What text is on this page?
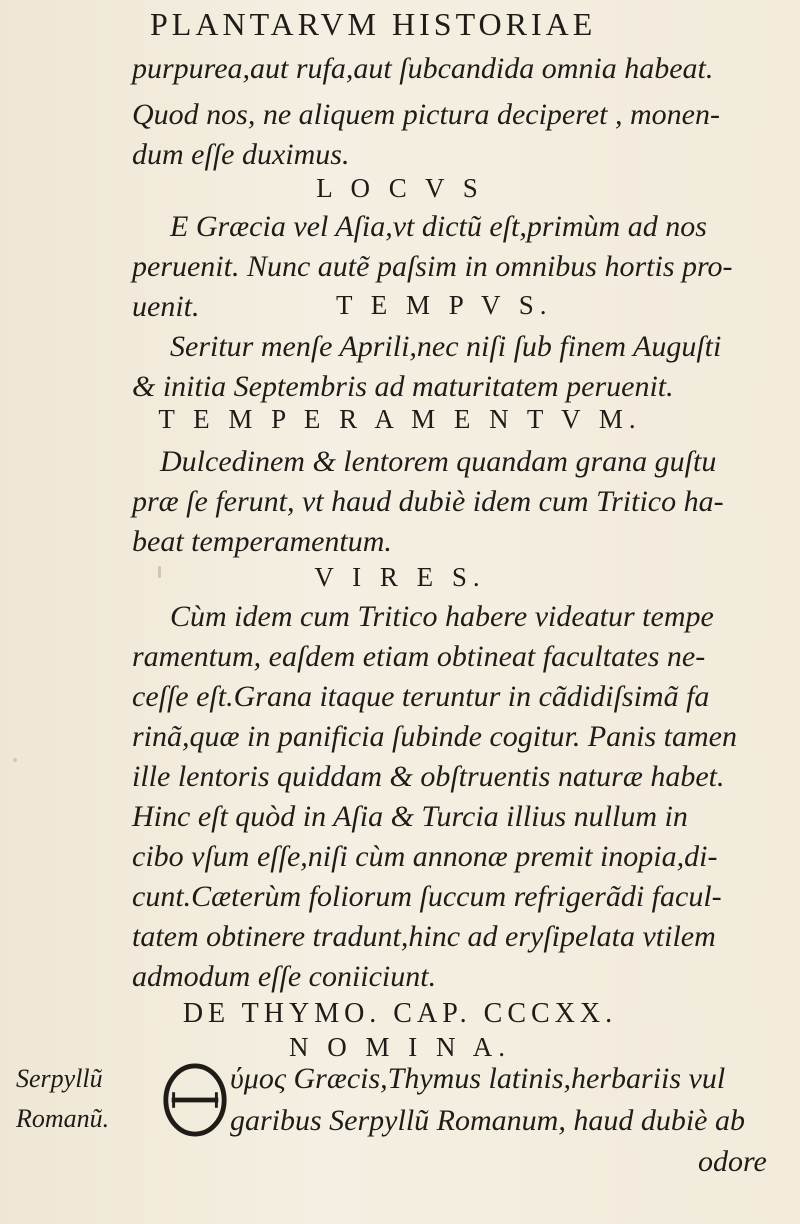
PLANTARVM HISTORIAE
purpurea,aut rufa,aut ſubcandida omnia habeat.
Quod nos, ne aliquem pictura deciperet , monen-
dum eſſe duximus.
L O C V S
E Græcia vel Aſia,vt dictũ eſt,primùm ad nos
peruenit. Nunc autẽ paſsim in omnibus hortis pro-
uenit.	T E M P V S.
Seritur menſe Aprili,nec niſi ſub finem Auguſti
& initia Septembris ad maturitatem peruenit.
T E M P E R A M E N T V M.
Dulcedinem & lentorem quandam grana guſtu
præ ſe ferunt, vt haud dubiè idem cum Tritico ha-
beat temperamentum.
V I R E S.
Cùm idem cum Tritico habere videatur tempe
ramentum, eaſdem etiam obtineat facultates ne-
ceſſe eſt.Grana itaque teruntur in cãdidiſsimã fa
rinã,quæ in panificia ſubinde cogitur. Panis tamen
ille lentoris quiddam & obſtruentis naturæ habet.
Hinc eſt quòd in Aſia & Turcia illius nullum in
cibo vſum eſſe,niſi cùm annonæ premit inopia,di-
cunt.Cæterùm foliorum ſuccum refrigerãdi facul-
tatem obtinere tradunt,hinc ad eryſipelata vtilem
admodum eſſe coniiciunt.
DE THYMO. CAP. CCCXX.
N O M I N A.
ύμος Græcis,Thymus latinis,herbariis vul
garibus Serpyllũ Romanum, haud dubiè ab
odore
Serpyllũ
Romanũ.
